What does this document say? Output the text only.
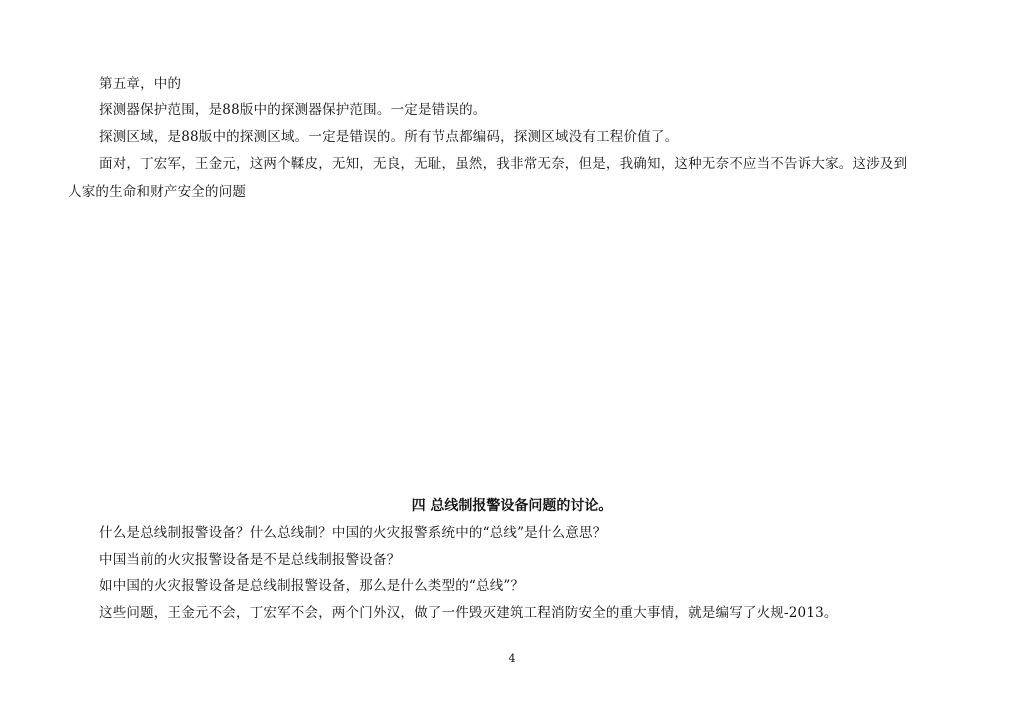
第五章，中的
探测器保护范围，是88版中的探测器保护范围。一定是错误的。
探测区域，是88版中的探测区域。一定是错误的。所有节点都编码，探测区域没有工程价值了。
面对，丁宏军，王金元，这两个鞣皮，无知，无良，无耻，虽然，我非常无奈，但是，我确知，这种无奈不应当不告诉大家。这涉及到
人家的生命和财产安全的问题
四 总线制报警设备问题的讨论。
什么是总线制报警设备？什么总线制？中国的火灾报警系统中的“总线”是什么意思？
中国当前的火灾报警设备是不是总线制报警设备？
如中国的火灾报警设备是总线制报警设备，那么是什么类型的“总线”？
这些问题，王金元不会，丁宏军不会，两个门外汉，做了一件毁灭建筑工程消防安全的重大事情，就是编写了火规-2013。
4
